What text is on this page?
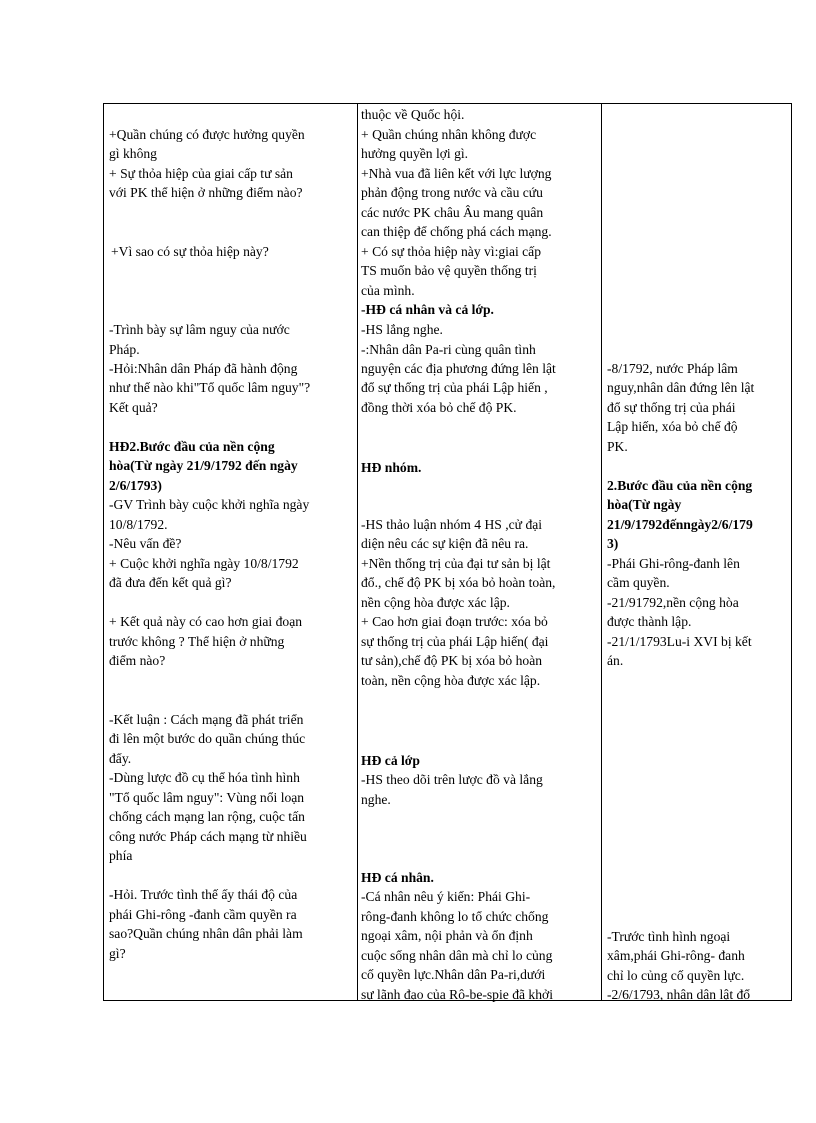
+Quần chúng có được hưởng quyền
gì không
+ Sự thỏa hiệp của giai cấp tư sản
với PK thể hiện ở những điểm nào?
+Vì sao có sự thỏa hiệp này?
-Trình bày sự lâm nguy của nước
Pháp.
-Hỏi:Nhân dân Pháp đã hành động
như thế nào khi"Tổ quốc lâm nguy"?
Kết quả?
HĐ2.Bước đầu của nền cộng
hòa(Từ ngày 21/9/1792 đến ngày
2/6/1793)
-GV Trình bày cuộc khởi nghĩa ngày
10/8/1792.
-Nêu vấn đề?
+ Cuộc khởi nghĩa ngày 10/8/1792
đã đưa đến kết quả gì?
+ Kết quả này có cao hơn giai đoạn
trước không ? Thể hiện ở những
điểm nào?
-Kết luận : Cách mạng đã phát triển
đi lên một bước do quần chúng thúc
đẩy.
-Dùng lược đồ cụ thể hóa tình hình
"Tổ quốc lâm nguy": Vùng nổi loạn
chống cách mạng lan rộng, cuộc tấn
công nước Pháp cách mạng từ nhiều
phía
-Hỏi. Trước tình thế ấy thái độ của
phái Ghi-rông -đanh cầm quyền ra
sao?Quần chúng nhân dân phải làm
gì?
thuộc về Quốc hội.
+ Quần chúng nhân không được
hưởng quyền lợi gì.
+Nhà vua đã liên kết với lực lượng
phản động trong nước và cầu cứu
các nước PK châu Âu mang quân
can thiệp để chống phá cách mạng.
+ Có sự thỏa hiệp này vì:giai cấp
TS muốn bảo vệ quyền thống trị
của mình.
-HĐ cá nhân và cả lớp.
-HS lắng nghe.
-:Nhân dân Pa-ri cùng quân tình
nguyện các địa phương đứng lên lật
đổ sự thống trị của phái Lập hiến ,
đồng thời xóa bỏ chế độ PK.
HĐ nhóm.
-HS thảo luận nhóm 4 HS ,cử đại
diện nêu các sự kiện đã nêu ra.
+Nền thống trị của đại tư sản bị lật
đổ., chế độ PK bị xóa bỏ hoàn toàn,
nền cộng hòa được xác lập.
+ Cao hơn giai đoạn trước: xóa bỏ
sự thống trị của phái Lập hiến( đại
tư sản),chế độ PK bị xóa bỏ hoàn
toàn, nền cộng hòa được xác lập.
HĐ cả lớp
-HS theo dõi trên lược đồ và lắng
nghe.
HĐ cá nhân.
-Cá nhân nêu ý kiến: Phái Ghi-
rông-đanh không lo tổ chức chống
ngoại xâm, nội phản và ổn định
cuộc sống nhân dân mà chỉ lo củng
cố quyền lực.Nhân dân Pa-ri,dưới
sự lãnh đạo của Rô-be-spie đã khởi
-8/1792, nước Pháp lâm
nguy,nhân dân đứng lên lật
đổ sự thống trị của phái
Lập hiến, xóa bỏ chế độ
PK.
2.Bước đầu của nền cộng
hòa(Từ ngày
21/9/1792đếnngày2/6/179
3)
-Phái Ghi-rông-đanh lên
cầm quyền.
-21/91792,nền cộng hòa
được thành lập.
-21/1/1793Lu-i XVI bị kết
án.
-Trước tình hình ngoại
xâm,phái Ghi-rông- đanh
chỉ lo củng cố quyền lực.
-2/6/1793, nhân dân lật đổ
